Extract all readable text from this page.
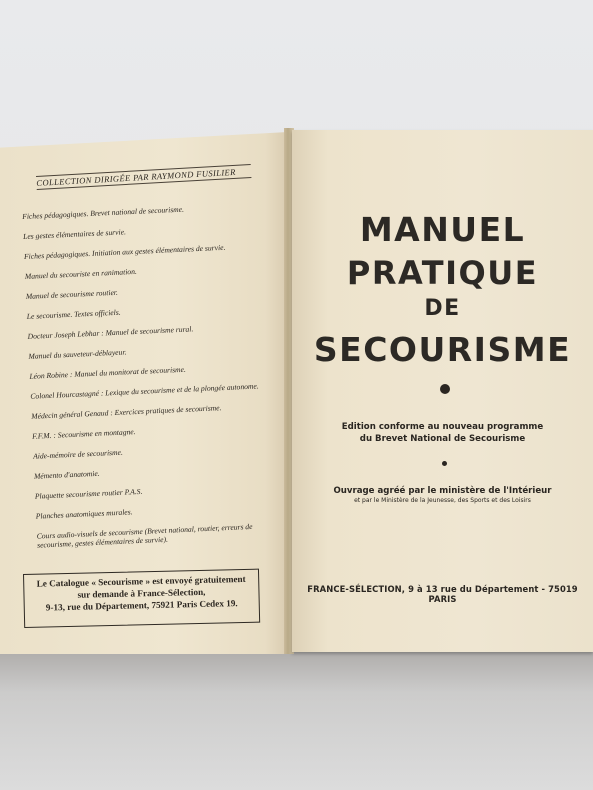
COLLECTION DIRIGÉE PAR RAYMOND FUSILIER
Fiches pédagogiques. Brevet national de secourisme.
Les gestes élémentaires de survie.
Fiches pédagogiques. Initiation aux gestes élémentaires de survie.
Manuel du secouriste en ranimation.
Manuel de secourisme routier.
Le secourisme. Textes officiels.
Docteur Joseph Lebhar : Manuel de secourisme rural.
Manuel du sauveteur-déblayeur.
Léon Robine : Manuel du monitorat de secourisme.
Colonel Hourcastagné : Lexique du secourisme et de la plongée autonome.
Médecin général Genaud : Exercices pratiques de secourisme.
F.F.M. : Secourisme en montagne.
Aide-mémoire de secourisme.
Mémento d'anatomie.
Plaquette secourisme routier P.A.S.
Planches anatomiques murales.
Cours audio-visuels de secourisme (Brevet national, routier, erreurs de secourisme, gestes élémentaires de survie).
Le Catalogue « Secourisme » est envoyé gratuitement
sur demande à France-Sélection,
9-13, rue du Département, 75921 Paris Cedex 19.
MANUEL
PRATIQUE
DE
SECOURISME
Edition conforme au nouveau programme
du Brevet National de Secourisme
Ouvrage agréé par le ministère de l'Intérieur
et par le Ministère de la Jeunesse, des Sports et des Loisirs
FRANCE-SÉLECTION, 9 à 13 rue du Département - 75019 PARIS
